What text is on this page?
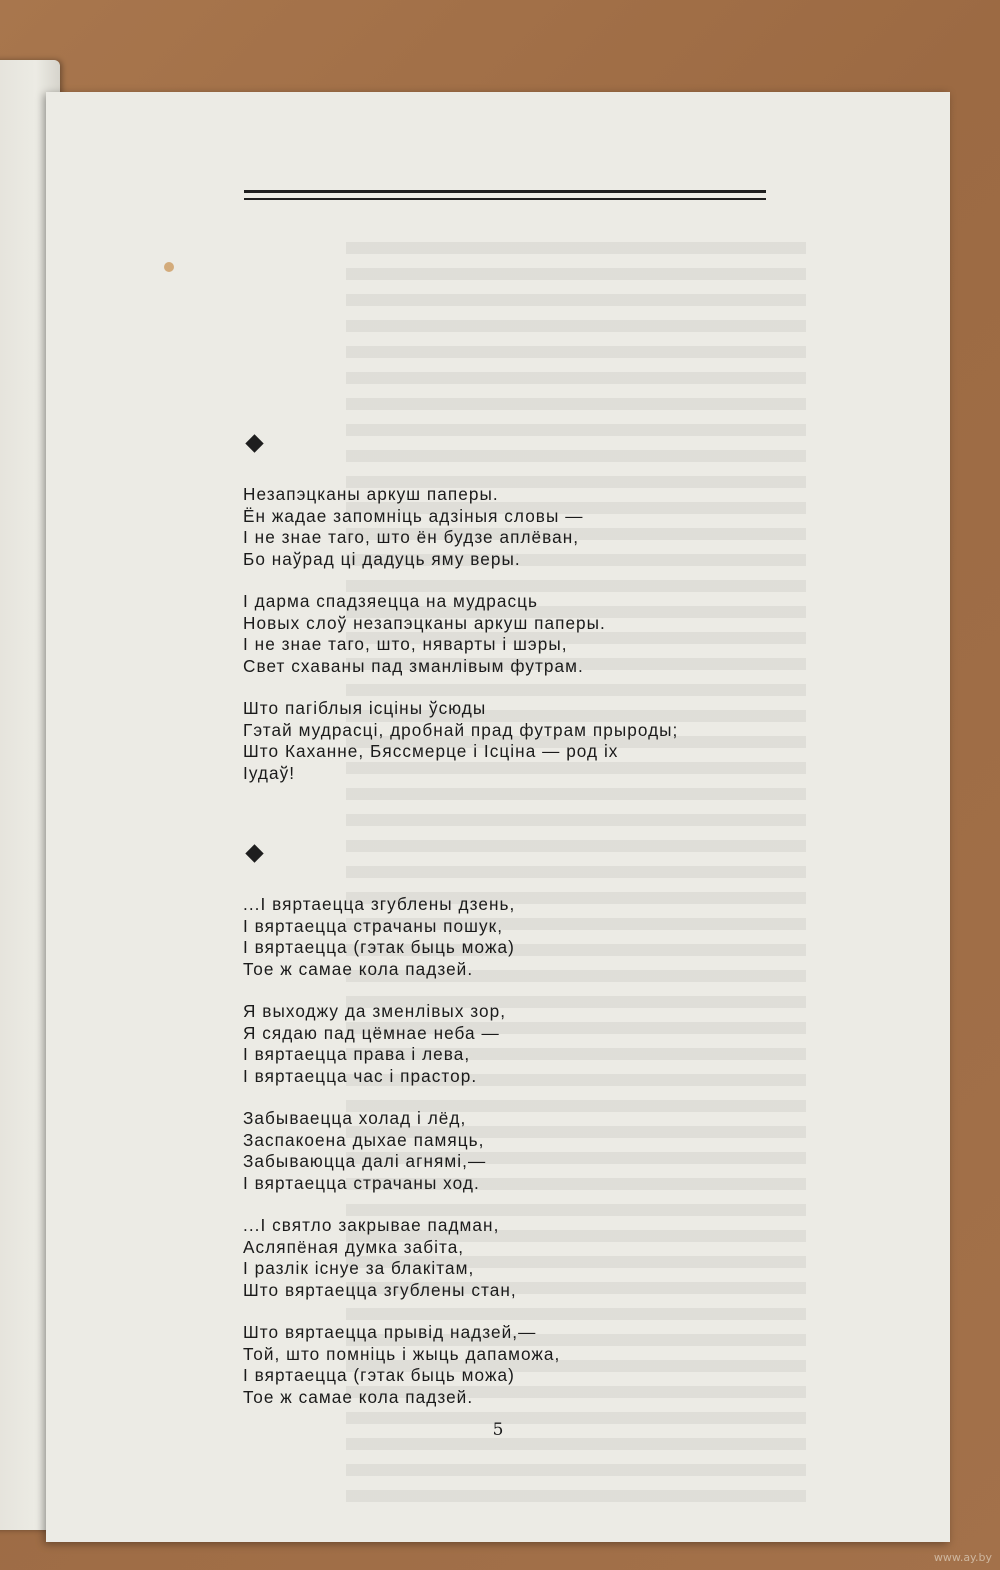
Незапэцканы аркуш паперы.
Ён жадае запомніць адзіныя словы —
І не знае таго, што ён будзе аплёван,
Бо наўрад ці дадуць яму веры.
І дарма спадзяецца на мудрасць
Новых слоў незапэцканы аркуш паперы.
І не знае таго, што, няварты і шэры,
Свет схаваны пад зманлівым футрам.
Што пагіблыя ісціны ўсюды
Гэтай мудрасці, дробнай прад футрам прыроды;
Што Каханне, Бяссмерце і Ісціна — род іх
Іудаў!
...І вяртаецца згублены дзень,
І вяртаецца страчаны пошук,
І вяртаецца (гэтак быць можа)
Тое ж самае кола падзей.
Я выходжу да зменлівых зор,
Я сядаю пад цёмнае неба —
І вяртаецца права і лева,
І вяртаецца час і прастор.
Забываецца холад і лёд,
Заспакоена дыхае памяць,
Забываюцца далі агнямі,—
І вяртаецца страчаны ход.
...І святло закрывае падман,
Асляпёная думка забіта,
І разлік існуе за блакітам,
Што вяртаецца згублены стан,
Што вяртаецца прывід надзей,—
Той, што помніць і жыць дапаможа,
І вяртаецца (гэтак быць можа)
Тое ж самае кола падзей.
5
www.ay.by
